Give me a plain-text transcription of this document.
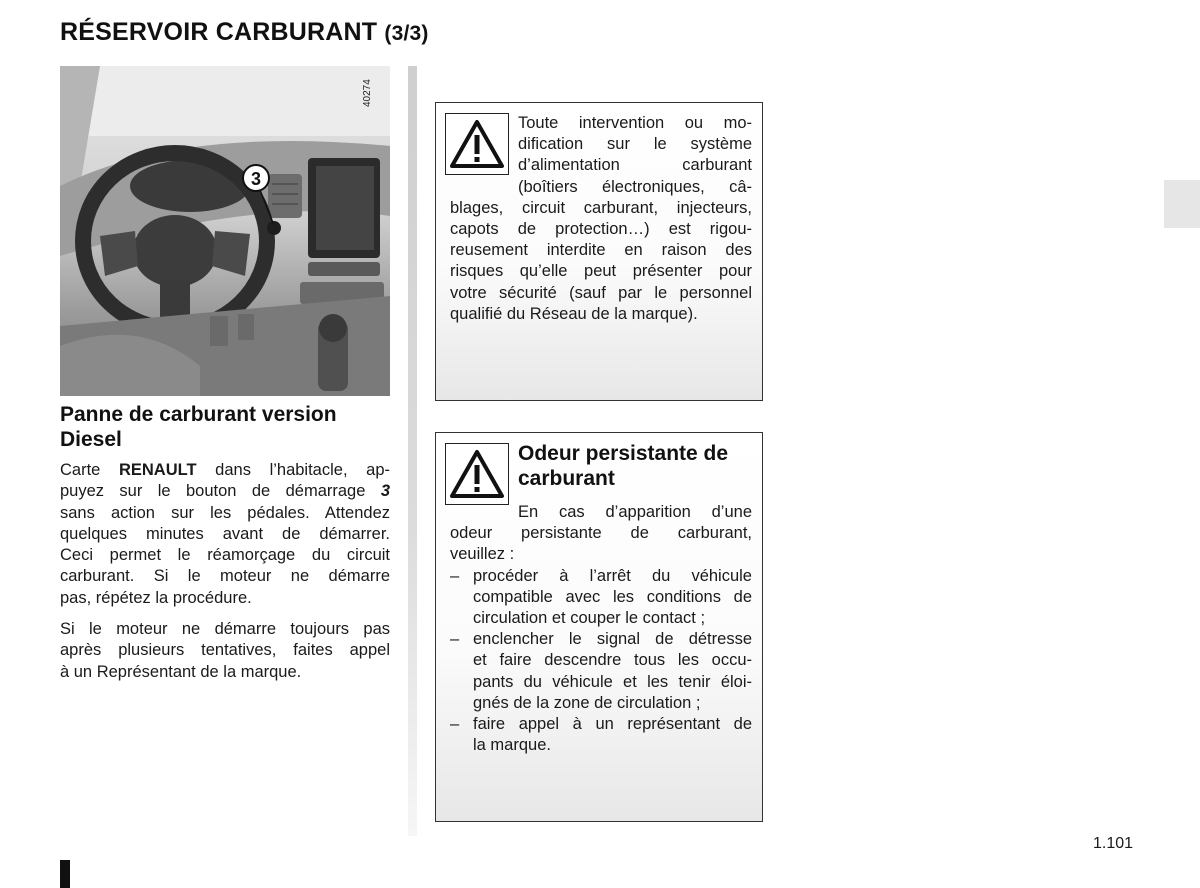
RÉSERVOIR CARBURANT (3/3)
3
40274
Panne de carburant version Diesel
Carte RENAULT dans l’habitacle, ap-
puyez sur le bouton de démarrage 3
sans action sur les pédales. Attendez
quelques minutes avant de démarrer.
Ceci permet le réamorçage du circuit
carburant. Si le moteur ne démarre
pas, répétez la procédure.
Si le moteur ne démarre toujours pas
après plusieurs tentatives, faites appel
à un Représentant de la marque.
Toute intervention ou mo-
dification sur le système
d’alimentation carburant
(boîtiers électroniques, câ-
blages, circuit carburant, injecteurs,
capots de protection…) est rigou-
reusement interdite en raison des
risques qu’elle peut présenter pour
votre sécurité (sauf par le personnel
qualifié du Réseau de la marque).
Odeur persistante de carburant
En cas d’apparition d’une
odeur persistante de carburant,
veuillez :
– procéder à l’arrêt du véhicule
compatible avec les conditions de
circulation et couper le contact ;
– enclencher le signal de détresse
et faire descendre tous les occu-
pants du véhicule et les tenir éloi-
gnés de la zone de circulation ;
– faire appel à un représentant de
la marque.
1.101
